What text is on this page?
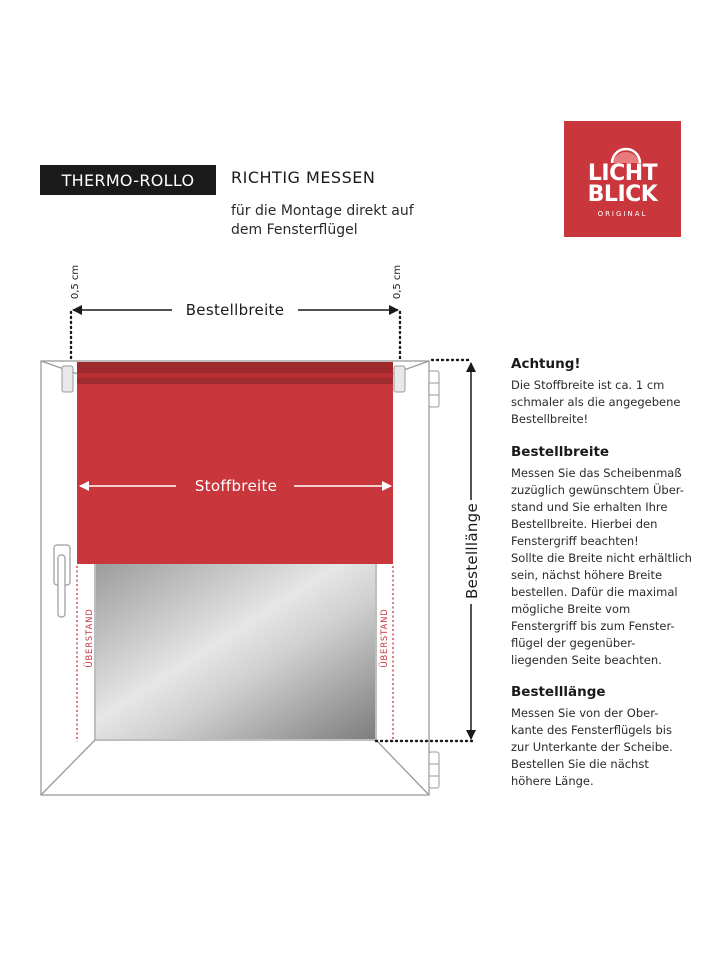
THERMO-ROLLO	RICHTIG MESSEN
für die Montage direkt auf
dem Fensterflügel
LICHT
BLICK
ORIGINAL
ÜBERSTAND	ÜBERSTAND
0,5 cm	0,5 cm
Bestellbreite
Stoffbreite
Bestelllänge
Achtung!
Die Stoffbreite ist ca. 1 cm
schmaler als die angegebene
Bestellbreite!
Bestellbreite
Messen Sie das Scheibenmaß
zuzüglich gewünschtem Über-
stand und Sie erhalten Ihre
Bestellbreite. Hierbei den
Fenstergriff beachten!
Sollte die Breite nicht erhältlich
sein, nächst höhere Breite
bestellen. Dafür die maximal
mögliche Breite vom
Fenstergriff bis zum Fenster-
flügel der gegenüber-
liegenden Seite beachten.
Bestelllänge
Messen Sie von der Ober-
kante des Fensterflügels bis
zur Unterkante der Scheibe.
Bestellen Sie die nächst
höhere Länge.
